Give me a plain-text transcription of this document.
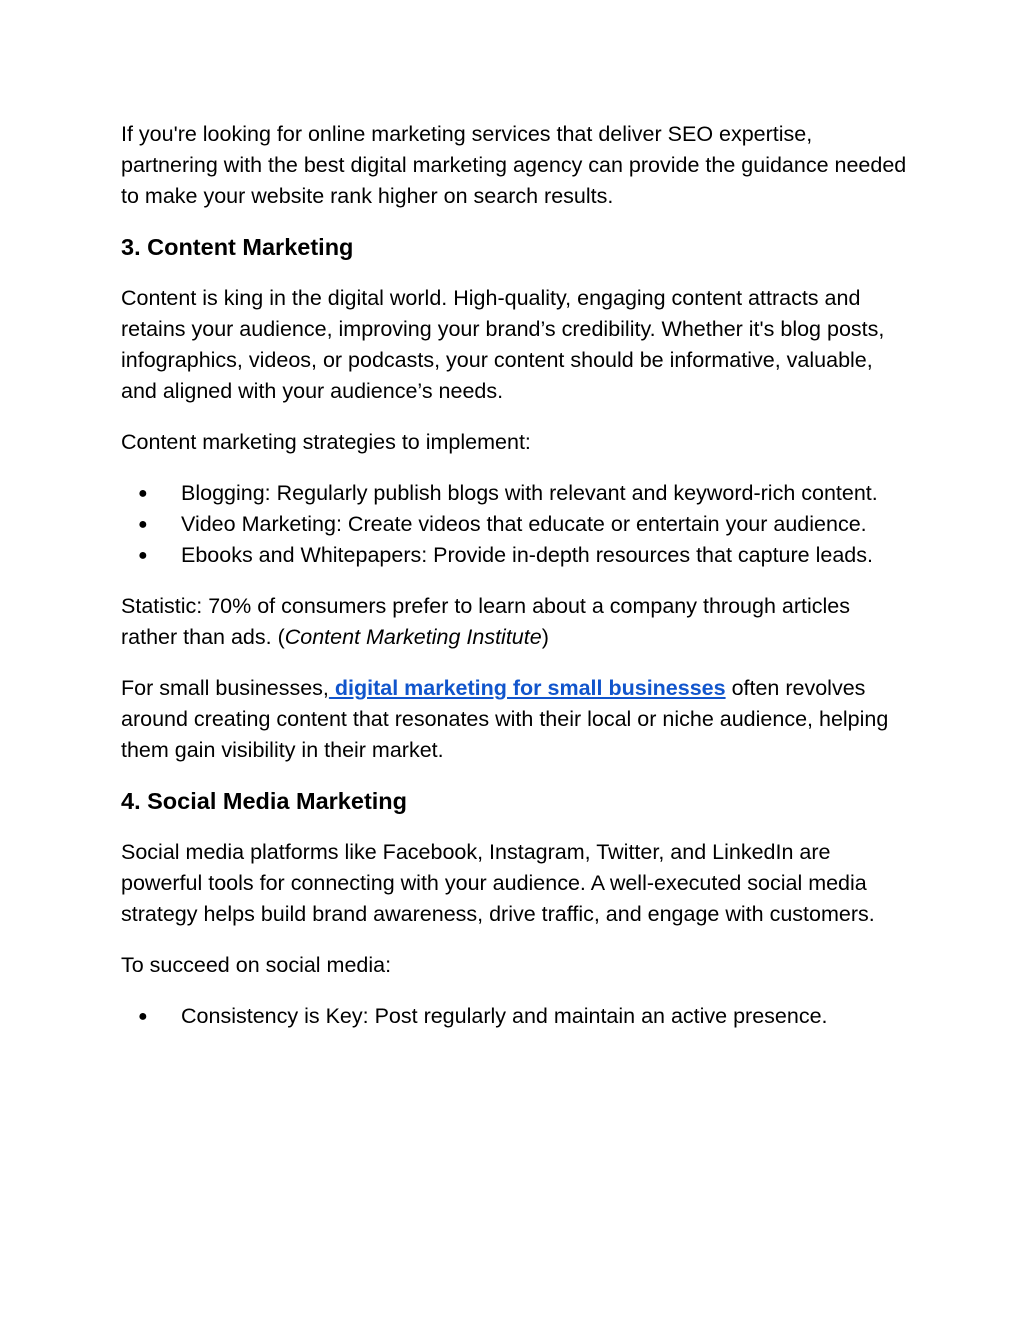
If you're looking for online marketing services that deliver SEO expertise, partnering with the best digital marketing agency can provide the guidance needed to make your website rank higher on search results.

3. Content Marketing

Content is king in the digital world. High-quality, engaging content attracts and retains your audience, improving your brand’s credibility. Whether it's blog posts, infographics, videos, or podcasts, your content should be informative, valuable, and aligned with your audience’s needs.

Content marketing strategies to implement:

● Blogging: Regularly publish blogs with relevant and keyword-rich content.
● Video Marketing: Create videos that educate or entertain your audience.
● Ebooks and Whitepapers: Provide in-depth resources that capture leads.

Statistic: 70% of consumers prefer to learn about a company through articles rather than ads. (Content Marketing Institute)

For small businesses, digital marketing for small businesses often revolves around creating content that resonates with their local or niche audience, helping them gain visibility in their market.

4. Social Media Marketing

Social media platforms like Facebook, Instagram, Twitter, and LinkedIn are powerful tools for connecting with your audience. A well-executed social media strategy helps build brand awareness, drive traffic, and engage with customers.

To succeed on social media:

● Consistency is Key: Post regularly and maintain an active presence.
